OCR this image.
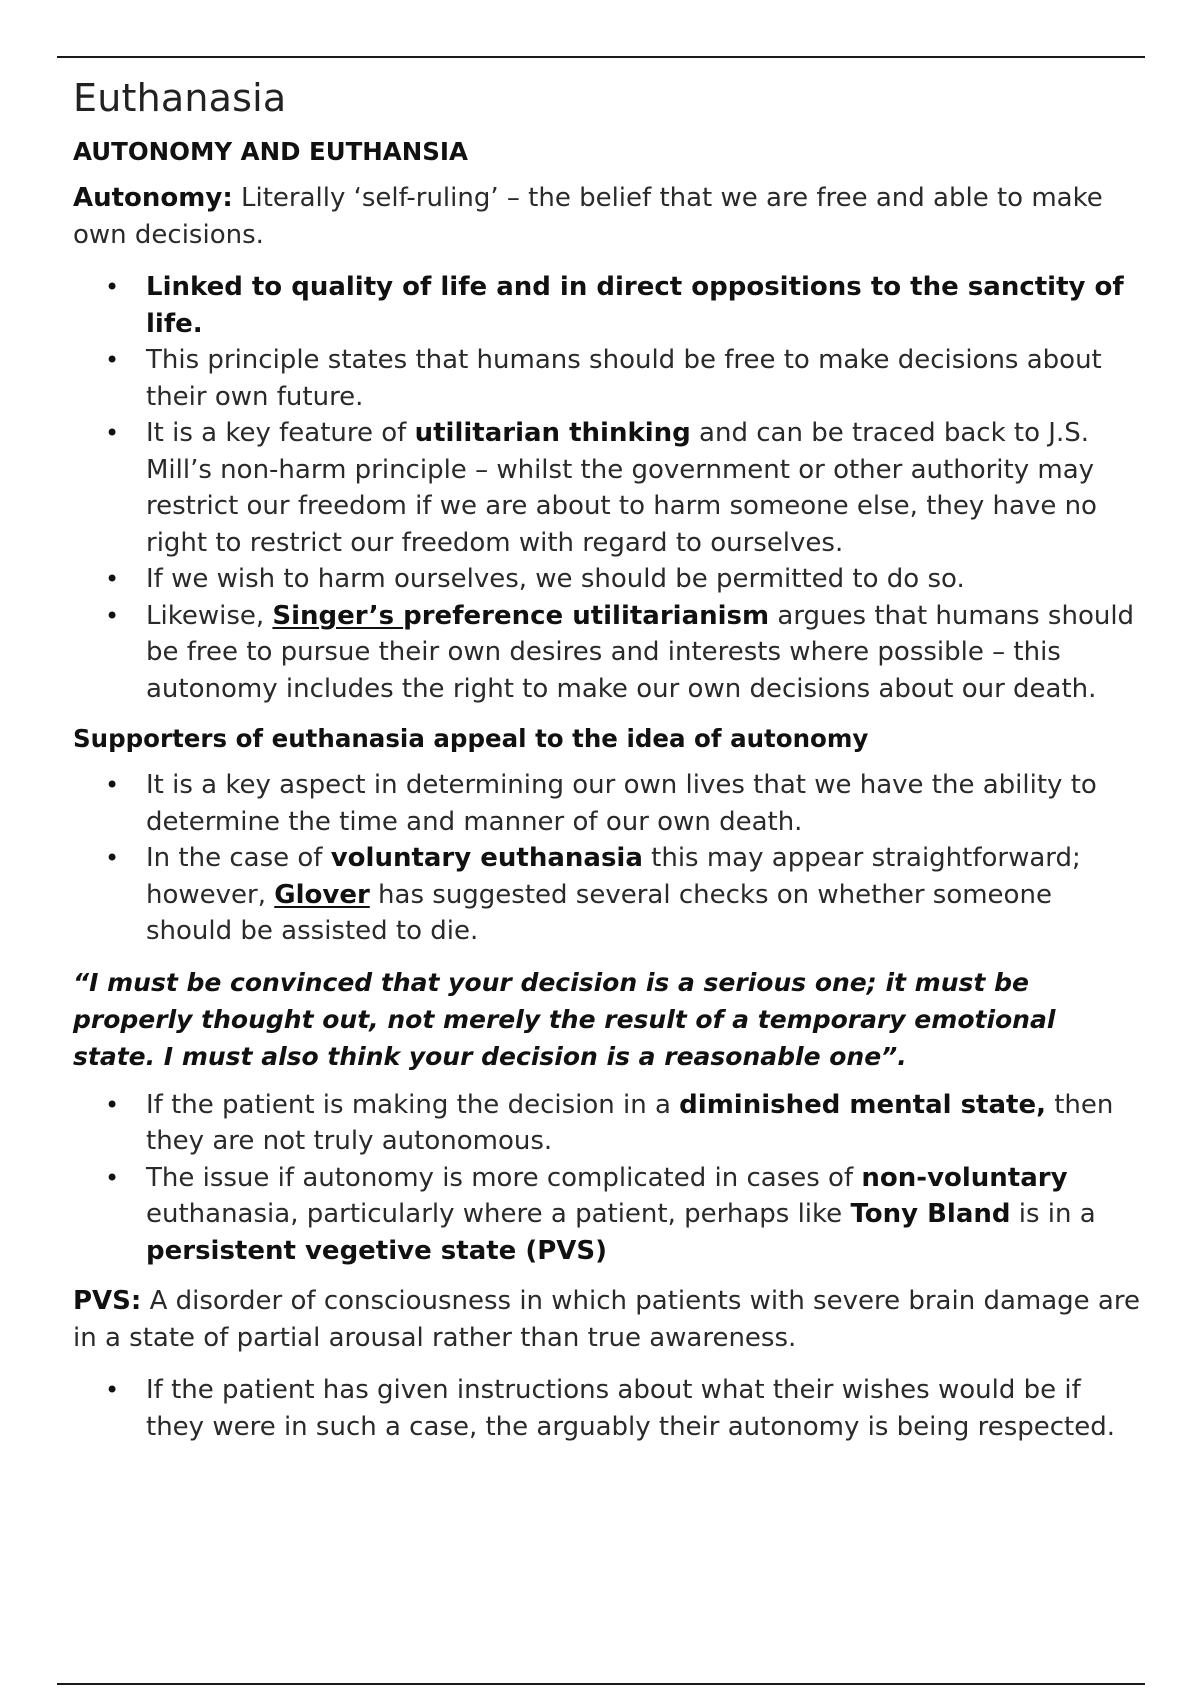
Euthanasia
AUTONOMY AND EUTHANSIA

Autonomy: Literally ‘self-ruling’ – the belief that we are free and able to make own decisions.

• Linked to quality of life and in direct oppositions to the sanctity of life.
• This principle states that humans should be free to make decisions about their own future.
• It is a key feature of utilitarian thinking and can be traced back to J.S. Mill’s non-harm principle – whilst the government or other authority may restrict our freedom if we are about to harm someone else, they have no right to restrict our freedom with regard to ourselves.
• If we wish to harm ourselves, we should be permitted to do so.
• Likewise, Singer’s preference utilitarianism argues that humans should be free to pursue their own desires and interests where possible – this autonomy includes the right to make our own decisions about our death.
Supporters of euthanasia appeal to the idea of autonomy
• It is a key aspect in determining our own lives that we have the ability to determine the time and manner of our own death.
• In the case of voluntary euthanasia this may appear straightforward; however, Glover has suggested several checks on whether someone should be assisted to die.

“I must be convinced that your decision is a serious one; it must be properly thought out, not merely the result of a temporary emotional state. I must also think your decision is a reasonable one”.

• If the patient is making the decision in a diminished mental state, then they are not truly autonomous.
• The issue if autonomy is more complicated in cases of non-voluntary euthanasia, particularly where a patient, perhaps like Tony Bland is in a persistent vegetive state (PVS)

PVS: A disorder of consciousness in which patients with severe brain damage are in a state of partial arousal rather than true awareness.

• If the patient has given instructions about what their wishes would be if they were in such a case, the arguably their autonomy is being respected.
